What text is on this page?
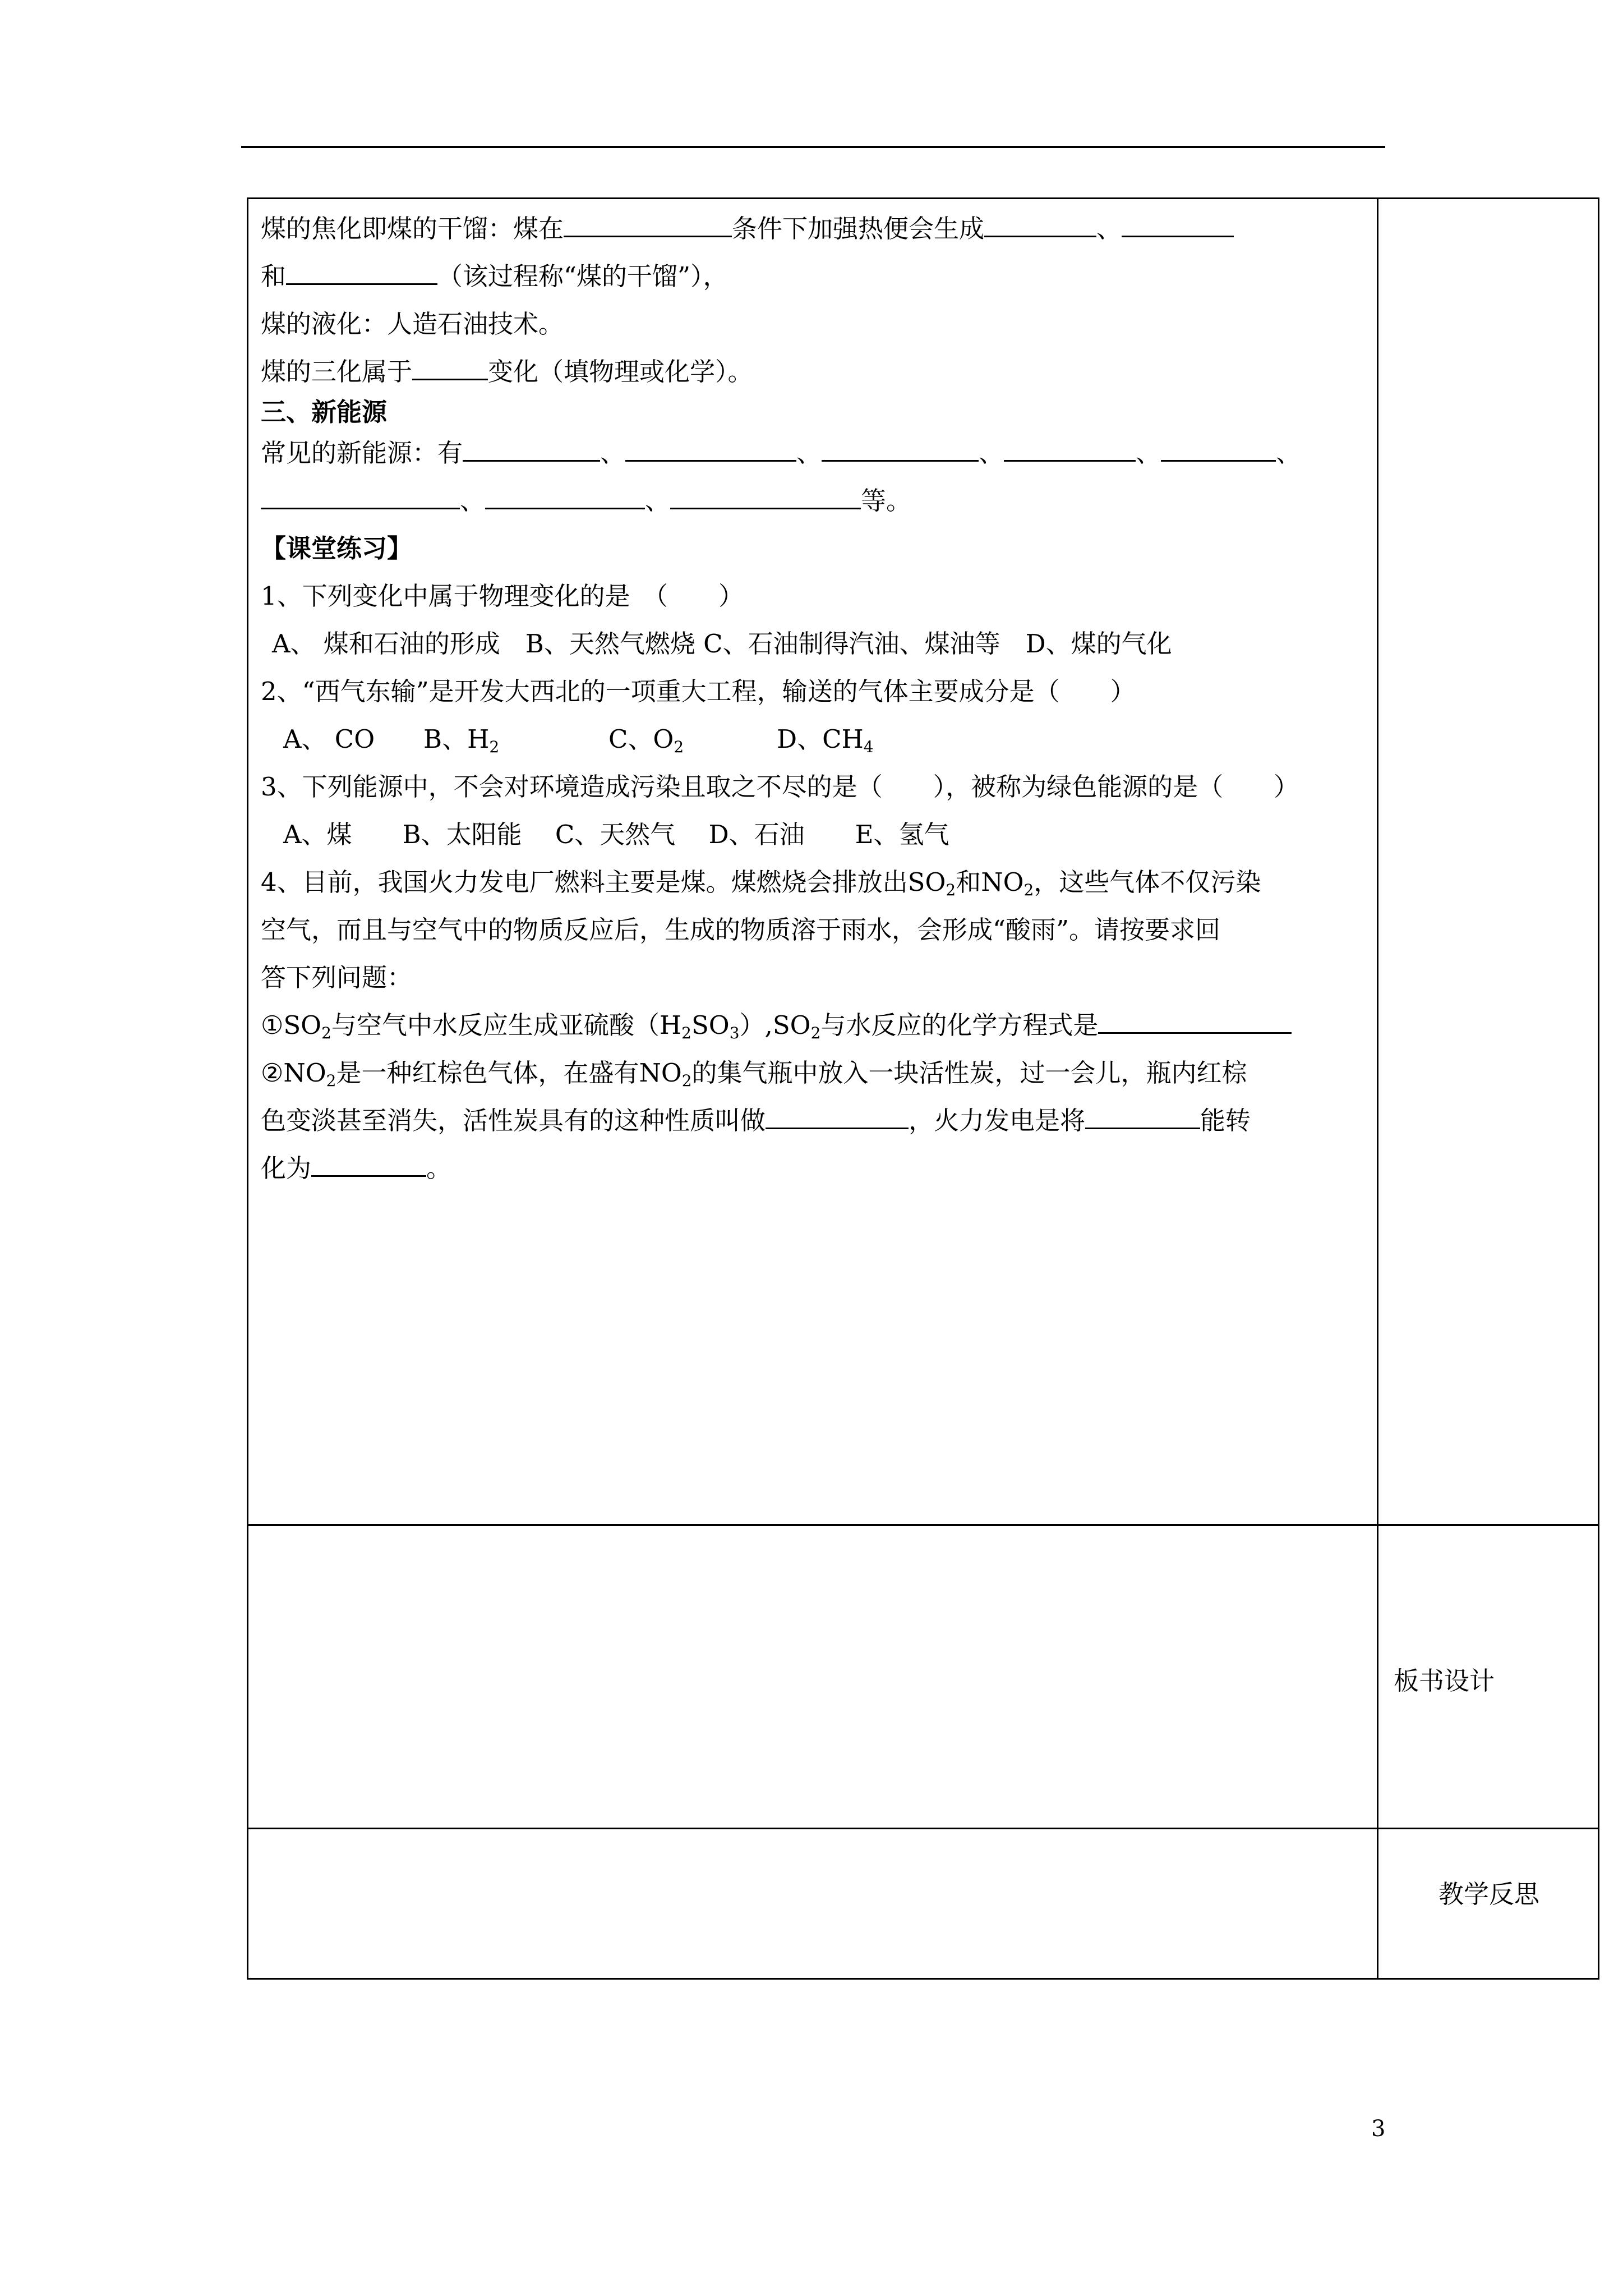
煤的焦化即煤的干馏：煤在	条件下加强热便会生成	、
和	（该过程称“煤的干馏”），
煤的液化：人造石油技术。
煤的三化属于	变化（填物理或化学）。
三、新能源
常见的新能源：有	、	、	、	、	、
、	、	等。
【课堂练习】
1、下列变化中属于物理变化的是　（　　）
A、 煤和石油的形成　B、天然气燃烧 C、石油制得汽油、煤油等　D、煤的气化
2、“西气东输”是开发大西北的一项重大工程，输送的气体主要成分是（　　）
A、 CO B、$H_2$	C、$O_2$	D、$CH_4$
3、下列能源中，不会对环境造成污染且取之不尽的是（　　），被称为绿色能源的是（　　）
A、煤　　B、太阳能　 C、天然气　 D、石油　　E、氢气
4、目前，我国火力发电厂燃料主要是煤。煤燃烧会排放出$SO_2$和$NO_2$，这些气体不仅污染
空气，而且与空气中的物质反应后，生成的物质溶于雨水，会形成“酸雨”。请按要求回
答下列问题：
$①SO_2$与空气中水反应生成亚硫酸$(H_2SO_3),SO_2$与水反应的化学方程式是
$②NO_2$是一种红棕色气体，在盛有$NO_2$的集气瓶中放入一块活性炭，过一会儿，瓶内红棕
色变淡甚至消失，活性炭具有的这种性质叫做	，火力发电是将	能转
化为	。
板书设计
教学反思
3
